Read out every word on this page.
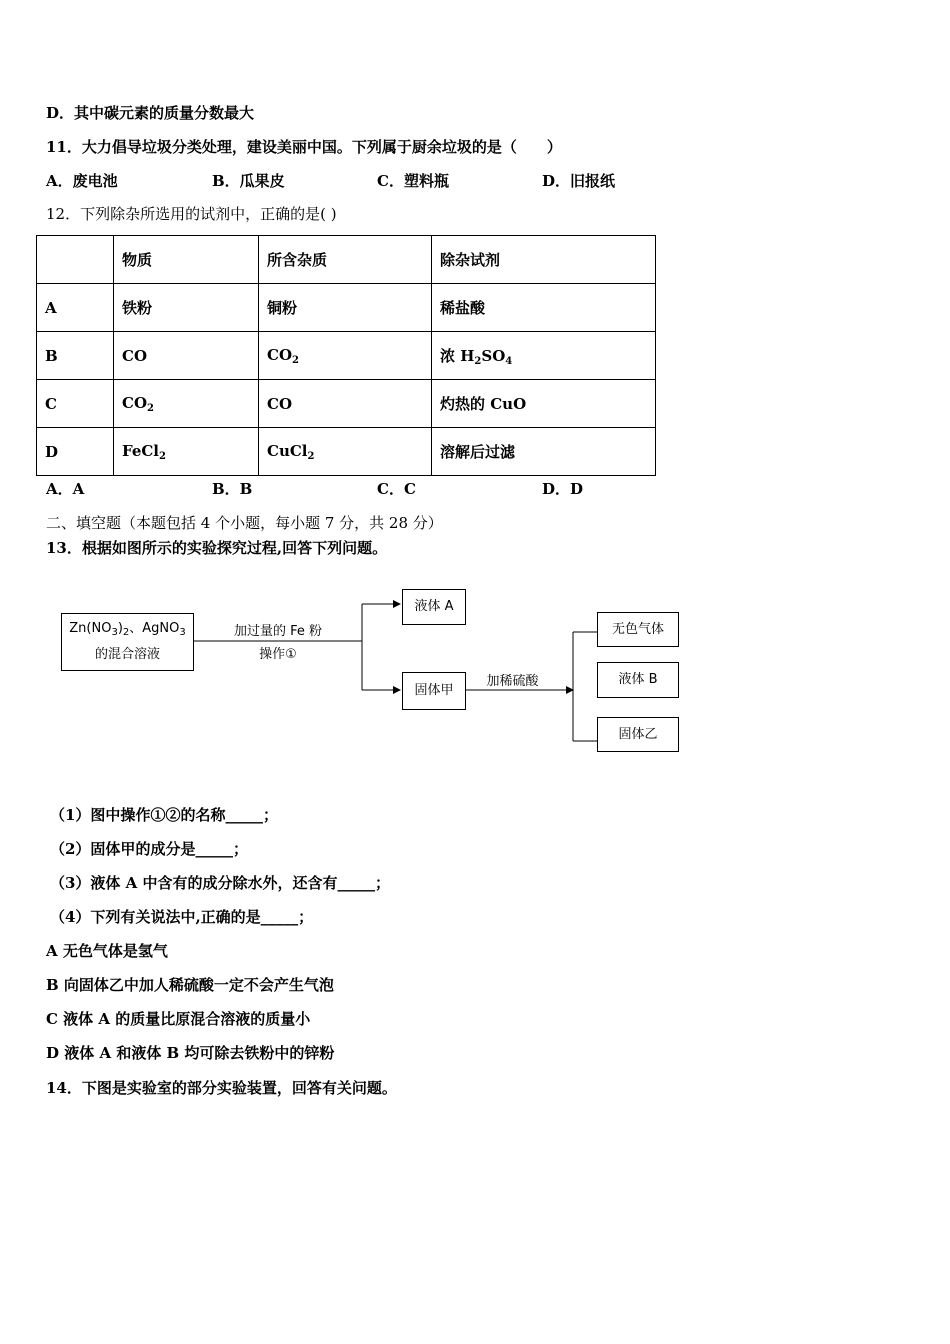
D．其中碳元素的质量分数最大
11．大力倡导垃圾分类处理，建设美丽中国。下列属于厨余垃圾的是（　　）
A．废电池	B．瓜果皮	C．塑料瓶	D．旧报纸
12．下列除杂所选用的试剂中，正确的是( )
	物质	所含杂质	除杂试剂
A	铁粉	铜粉	稀盐酸
B	CO	$CO_2$	浓 $H_2SO_4$
C	$CO_2$	CO	灼热的 CuO
D	FeCl$_2$	CuCl$_2$	溶解后过滤
A．A	B．B	C．C	D．D
二、填空题（本题包括 4 个小题，每小题 7 分，共 28 分）
13．根据如图所示的实验探究过程,回答下列问题。
$Zn(NO_3)_2$、AgNO$_3$
的混合溶液
加过量的 Fe 粉
操作①
液体 A
固体甲
加稀硫酸
无色气体
液体 B
固体乙
（1）图中操作①②的名称_____；
（2）固体甲的成分是_____；
（3）液体 A 中含有的成分除水外，还含有_____；
（4）下列有关说法中,正确的是_____；
A 无色气体是氢气
B 向固体乙中加人稀硫酸一定不会产生气泡
C 液体 A 的质量比原混合溶液的质量小
D 液体 A 和液体 B 均可除去铁粉中的锌粉
14．下图是实验室的部分实验装置，回答有关问题。
